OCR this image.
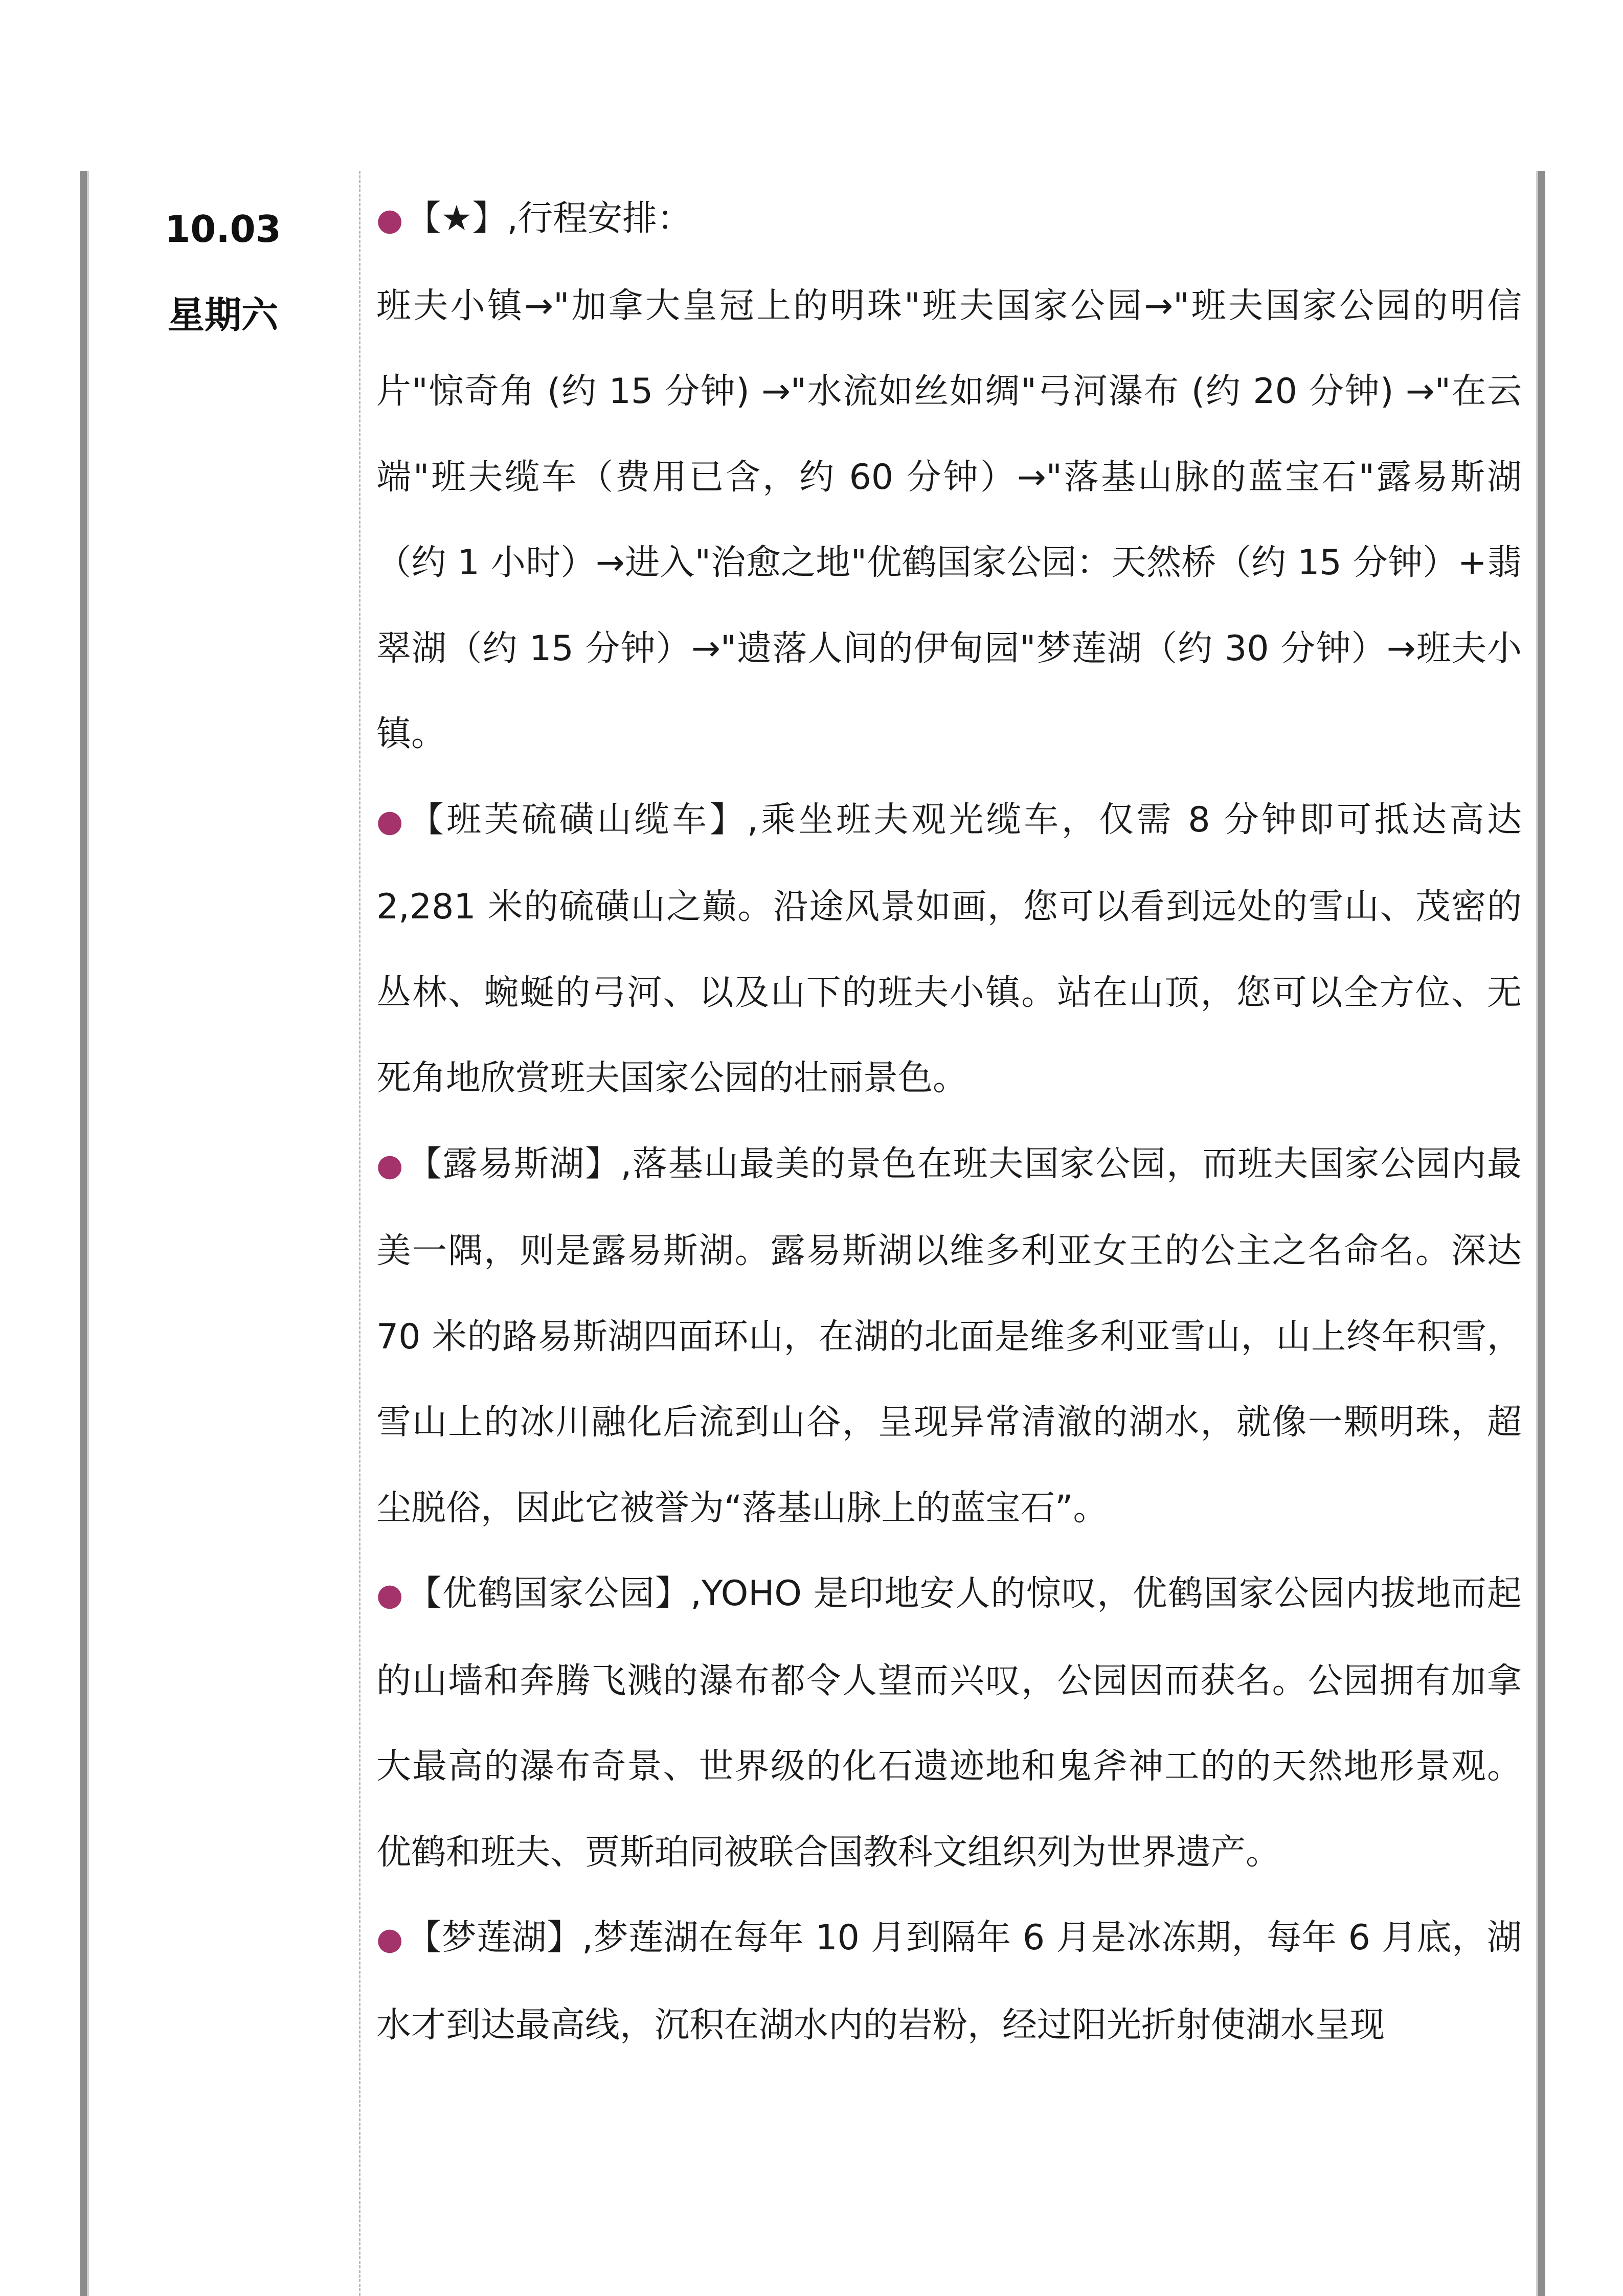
10.03
星期六

●【★】,行程安排：

班夫小镇→"加拿大皇冠上的明珠"班夫国家公园→"班夫国家公园的明信片"惊奇角 (约 15 分钟) →"水流如丝如绸"弓河瀑布 (约 20 分钟) →"在云端"班夫缆车（费用已含，约 60 分钟）→"落基山脉的蓝宝石"露易斯湖（约 1 小时）→进入"治愈之地"优鹤国家公园：天然桥（约 15 分钟）+翡翠湖（约 15 分钟）→"遗落人间的伊甸园"梦莲湖（约 30 分钟）→班夫小镇。

●【班芙硫磺山缆车】,乘坐班夫观光缆车，仅需 8 分钟即可抵达高达 2,281 米的硫磺山之巅。沿途风景如画，您可以看到远处的雪山、茂密的丛林、蜿蜒的弓河、以及山下的班夫小镇。站在山顶，您可以全方位、无死角地欣赏班夫国家公园的壮丽景色。

●【露易斯湖】,落基山最美的景色在班夫国家公园，而班夫国家公园内最美一隅，则是露易斯湖。露易斯湖以维多利亚女王的公主之名命名。深达 70 米的路易斯湖四面环山，在湖的北面是维多利亚雪山，山上终年积雪，雪山上的冰川融化后流到山谷，呈现异常清澈的湖水，就像一颗明珠，超尘脱俗，因此它被誉为“落基山脉上的蓝宝石”。

●【优鹤国家公园】,YOHO 是印地安人的惊叹，优鹤国家公园内拔地而起的山墙和奔腾飞溅的瀑布都令人望而兴叹，公园因而获名。公园拥有加拿大最高的瀑布奇景、世界级的化石遗迹地和鬼斧神工的的天然地形景观。优鹤和班夫、贾斯珀同被联合国教科文组织列为世界遗产。

●【梦莲湖】,梦莲湖在每年 10 月到隔年 6 月是冰冻期，每年 6 月底，湖水才到达最高线，沉积在湖水内的岩粉，经过阳光折射使湖水呈现
